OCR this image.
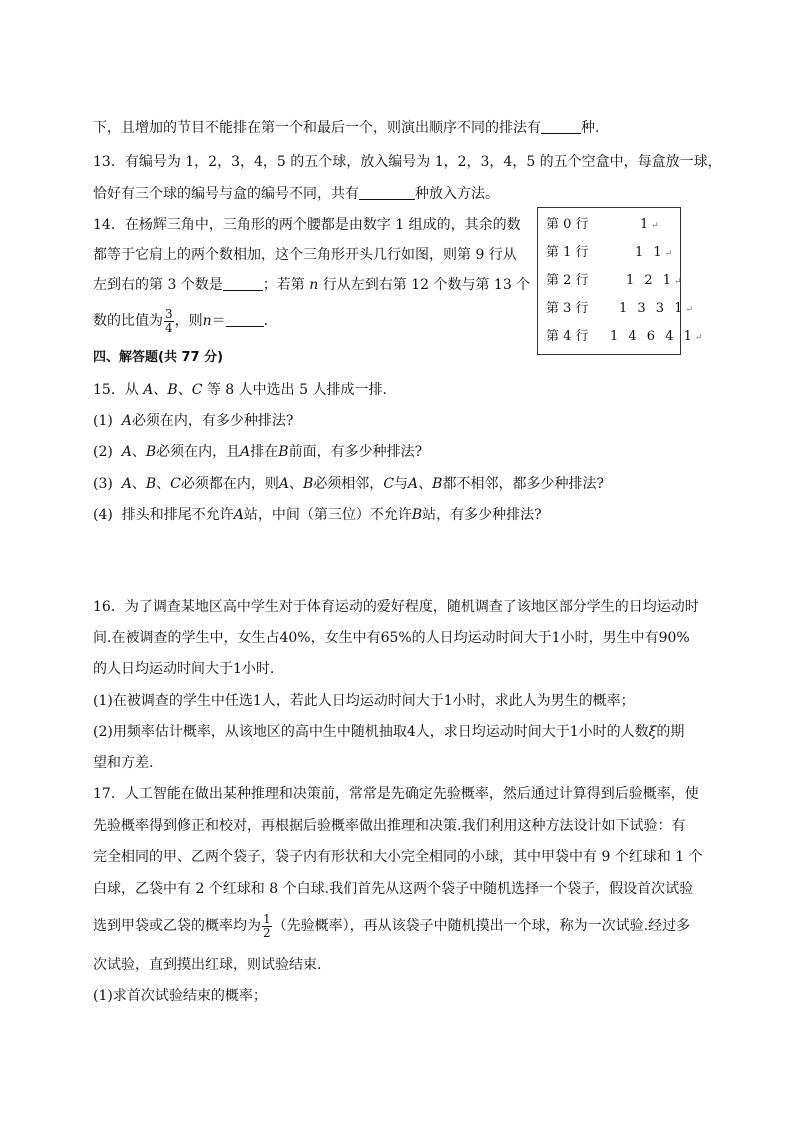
下，且增加的节目不能排在第一个和最后一个，则演出顺序不同的排法有	种．
13．有编号为 1，2，3，4，5 的五个球，放入编号为 1，2，3，4，5 的五个空盒中，每盒放一球，
恰好有三个球的编号与盒的编号不同，共有	种放入方法。
14．在杨辉三角中，三角形的两个腰都是由数字 1 组成的，其余的数
都等于它肩上的两个数相加，这个三角形开头几行如图，则第 9 行从
左到右的第 3 个数是	；若第 n 行从左到右第 12 个数与第 13 个
数的比值为 $\frac{3}{4}$ ，则n＝	．
第 0 行	1↵
第 1 行	1 1↵
第 2 行	1 2 1↵
第 3 行 1 3 3 1↵
第 4 行 1 4 6 4 1↵
四、解答题(共 77 分)
15．从 A、B、C 等 8 人中选出 5 人排成一排．
(1) A必须在内，有多少种排法?
(2) A、B必须在内，且A排在B前面，有多少种排法?
(3) A、B、C必须都在内，则A、B必须相邻，C与A、B都不相邻，都多少种排法?
(4) 排头和排尾不允许A站，中间（第三位）不允许B站，有多少种排法?
16．为了调查某地区高中学生对于体育运动的爱好程度，随机调查了该地区部分学生的日均运动时
间.在被调查的学生中，女生占40%，女生中有65%的人日均运动时间大于1小时，男生中有90%
的人日均运动时间大于1小时.
(1)在被调查的学生中任选1人，若此人日均运动时间大于1小时，求此人为男生的概率；
(2)用频率估计概率，从该地区的高中生中随机抽取4人，求日均运动时间大于1小时的人数ξ的期
望和方差.
17．人工智能在做出某种推理和决策前，常常是先确定先验概率，然后通过计算得到后验概率，使
先验概率得到修正和校对，再根据后验概率做出推理和决策.我们利用这种方法设计如下试验：有
完全相同的甲、乙两个袋子，袋子内有形状和大小完全相同的小球，其中甲袋中有 9 个红球和 1 个
白球，乙袋中有 2 个红球和 8 个白球.我们首先从这两个袋子中随机选择一个袋子，假设首次试验
选到甲袋或乙袋的概率均为 $\frac{1}{2}$ （先验概率），再从该袋子中随机摸出一个球，称为一次试验.经过多
次试验，直到摸出红球，则试验结束.
(1)求首次试验结束的概率；
